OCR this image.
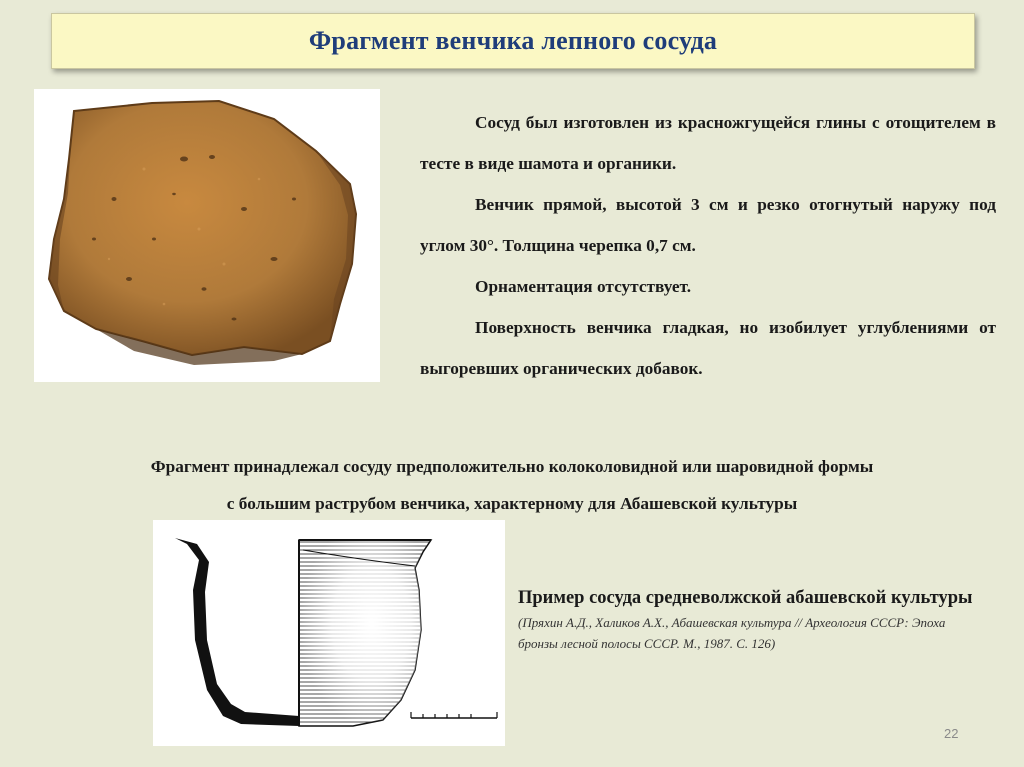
Фрагмент венчика лепного сосуда

Сосуд был изготовлен из красножгущейся глины с отощителем в тесте в виде шамота и органики.

Венчик прямой, высотой 3 см и резко отогнутый наружу под углом 30°. Толщина черепка 0,7 см.

Орнаментация отсутствует.

Поверхность венчика гладкая, но изобилует углублениями от выгоревших органических добавок.

Фрагмент принадлежал сосуду предположительно колоколовидной или шаровидной формы
с большим раструбом венчика, характерному для Абашевской культуры
Пример сосуда средневолжской абашевской культуры
(Пряхин А.Д., Халиков А.Х., Абашевская культура // Археология СССР: Эпоха бронзы лесной полосы СССР. М., 1987. С. 126)
22
